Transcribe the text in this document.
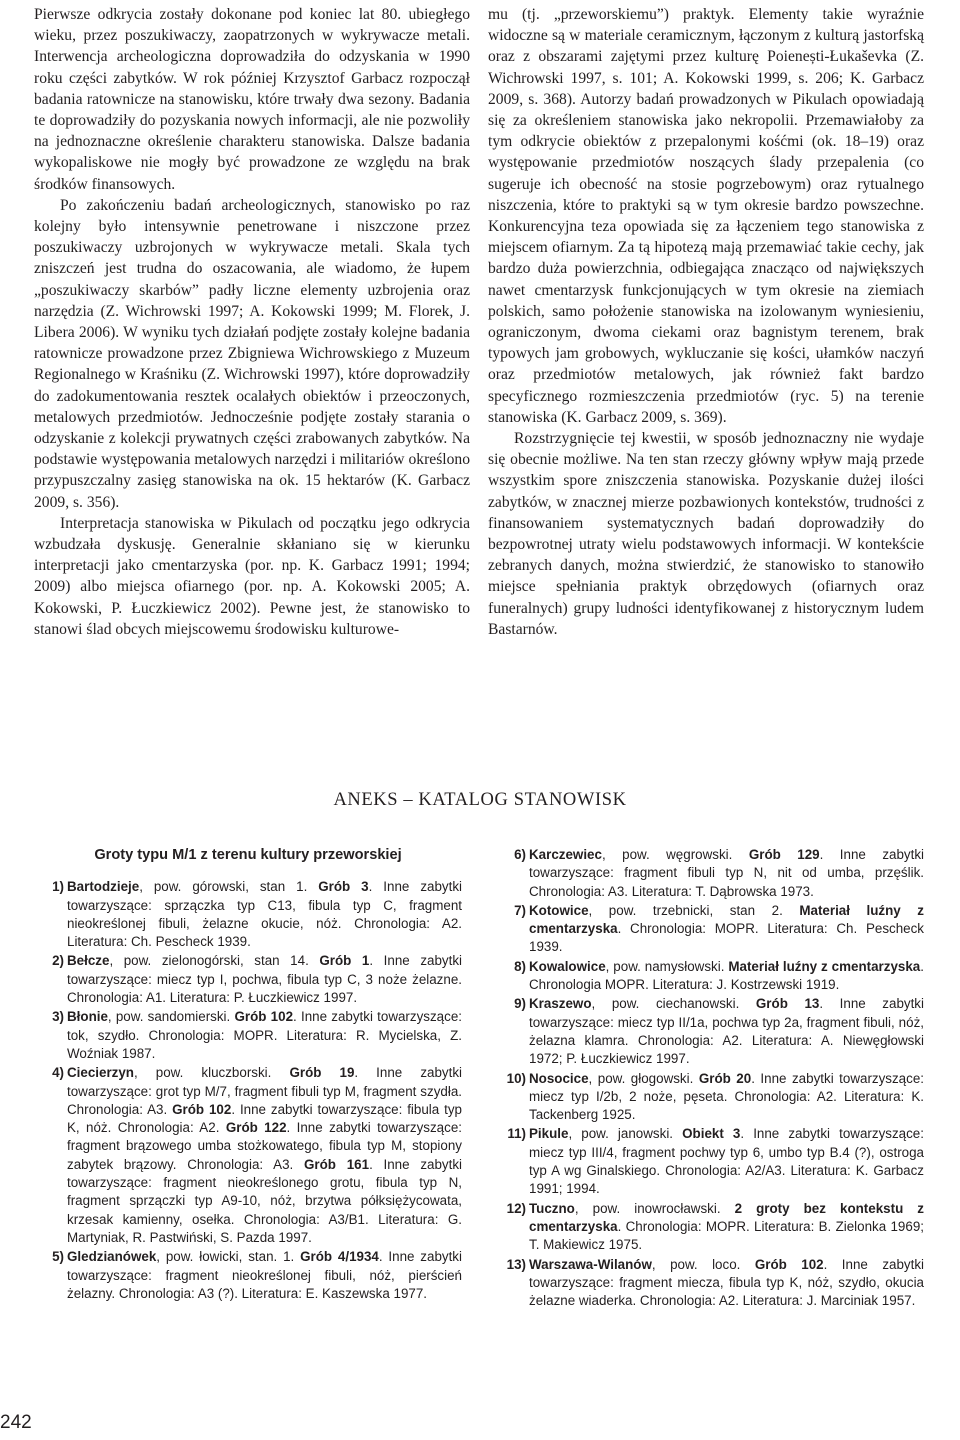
Pierwsze odkrycia zostały dokonane pod koniec lat 80. ubiegłego wieku, przez poszukiwaczy, zaopatrzonych w wykrywacze metali. Interwencja archeologiczna doprowadziła do odzyskania w 1990 roku części zabytków. W rok później Krzysztof Garbacz rozpoczął badania ratownicze na stanowisku, które trwały dwa sezony. Badania te doprowadziły do pozyskania nowych informacji, ale nie pozwoliły na jednoznaczne określenie charakteru stanowiska. Dalsze badania wykopaliskowe nie mogły być prowadzone ze względu na brak środków finansowych.

Po zakończeniu badań archeologicznych, stanowisko po raz kolejny było intensywnie penetrowane i niszczone przez poszukiwaczy uzbrojonych w wykrywacze metali. Skala tych zniszczeń jest trudna do oszacowania, ale wiadomo, że łupem „poszukiwaczy skarbów” padły liczne elementy uzbrojenia oraz narzędzia (Z. Wichrowski 1997; A. Kokowski 1999; M. Florek, J. Libera 2006). W wyniku tych działań podjęte zostały kolejne badania ratownicze prowadzone przez Zbigniewa Wichrowskiego z Muzeum Regionalnego w Kraśniku (Z. Wichrowski 1997), które doprowadziły do zadokumentowania resztek ocalałych obiektów i przeoczonych, metalowych przedmiotów. Jednocześnie podjęte zostały starania o odzyskanie z kolekcji prywatnych części zrabowanych zabytków. Na podstawie występowania metalowych narzędzi i militariów określono przypuszczalny zasięg stanowiska na ok. 15 hektarów (K. Garbacz 2009, s. 356).

Interpretacja stanowiska w Pikulach od początku jego odkrycia wzbudzała dyskusję. Generalnie skłaniano się w kierunku interpretacji jako cmentarzyska (por. np. K. Garbacz 1991; 1994; 2009) albo miejsca ofiarnego (por. np. A. Kokowski 2005; A. Kokowski, P. Łuczkiewicz 2002). Pewne jest, że stanowisko to stanowi ślad obcych miejscowemu środowisku kulturowe-

mu (tj. „przeworskiemu”) praktyk. Elementy takie wyraźnie widoczne są w materiale ceramicznym, łączonym z kulturą jastorfską oraz z obszarami zajętymi przez kulturę Poienești-Łukaševka (Z. Wichrowski 1997, s. 101; A. Kokowski 1999, s. 206; K. Garbacz 2009, s. 368). Autorzy badań prowadzonych w Pikulach opowiadają się za określeniem stanowiska jako nekropolii. Przemawiałoby za tym odkrycie obiektów z przepalonymi kośćmi (ok. 18–19) oraz występowanie przedmiotów noszących ślady przepalenia (co sugeruje ich obecność na stosie pogrzebowym) oraz rytualnego niszczenia, które to praktyki są w tym okresie bardzo powszechne. Konkurencyjna teza opowiada się za łączeniem tego stanowiska z miejscem ofiarnym. Za tą hipotezą mają przemawiać takie cechy, jak bardzo duża powierzchnia, odbiegająca znacząco od największych nawet cmentarzysk funkcjonujących w tym okresie na ziemiach polskich, samo położenie stanowiska na izolowanym wyniesieniu, ograniczonym, dwoma ciekami oraz bagnistym terenem, brak typowych jam grobowych, wykluczanie się kości, ułamków naczyń oraz przedmiotów metalowych, jak również fakt bardzo specyficznego rozmieszczenia przedmiotów (ryc. 5) na terenie stanowiska (K. Garbacz 2009, s. 369).

Rozstrzygnięcie tej kwestii, w sposób jednoznaczny nie wydaje się obecnie możliwe. Na ten stan rzeczy główny wpływ mają przede wszystkim spore zniszczenia stanowiska. Pozyskanie dużej ilości zabytków, w znacznej mierze pozbawionych kontekstów, trudności z finansowaniem systematycznych badań doprowadziły do bezpowrotnej utraty wielu podstawowych informacji. W kontekście zebranych danych, można stwierdzić, że stanowisko to stanowiło miejsce spełniania praktyk obrzędowych (ofiarnych oraz funeralnych) grupy ludności identyfikowanej z historycznym ludem Bastarnów.

ANEKS – KATALOG STANOWISK
Groty typu M/1 z terenu kultury przeworskiej
1) Bartodzieje, pow. górowski, stan 1. Grób 3. Inne zabytki towarzyszące: sprzączka typ C13, fibula typ C, fragment nieokreślonej fibuli, żelazne okucie, nóż. Chronologia: A2. Literatura: Ch. Pescheck 1939.
2) Bełcze, pow. zielonogórski, stan 14. Grób 1. Inne zabytki towarzyszące: miecz typ I, pochwa, fibula typ C, 3 noże żelazne. Chronologia: A1. Literatura: P. Łuczkiewicz 1997.
3) Błonie, pow. sandomierski. Grób 102. Inne zabytki towarzyszące: tok, szydło. Chronologia: MOPR. Literatura: R. Mycielska, Z. Woźniak 1987.
4) Ciecierzyn, pow. kluczborski. Grób 19. Inne zabytki towarzyszące: grot typ M/7, fragment fibuli typ M, fragment szydła. Chronologia: A3. Grób 102. Inne zabytki towarzyszące: fibula typ K, nóż. Chronologia: A2. Grób 122. Inne zabytki towarzyszące: fragment brązowego umba stożkowatego, fibula typ M, stopiony zabytek brązowy. Chronologia: A3. Grób 161. Inne zabytki towarzyszące: fragment nieokreślonego grotu, fibula typ N, fragment sprzączki typ A9-10, nóż, brzytwa półksiężycowata, krzesak kamienny, osełka. Chronologia: A3/B1. Literatura: G. Martyniak, R. Pastwiński, S. Pazda 1997.
5) Gledzianówek, pow. łowicki, stan. 1. Grób 4/1934. Inne zabytki towarzyszące: fragment nieokreślonej fibuli, nóż, pierścień żelazny. Chronologia: A3 (?). Literatura: E. Kaszewska 1977.
6) Karczewiec, pow. węgrowski. Grób 129. Inne zabytki towarzyszące: fragment fibuli typ N, nit od umba, przęślik. Chronologia: A3. Literatura: T. Dąbrowska 1973.
7) Kotowice, pow. trzebnicki, stan 2. Materiał luźny z cmentarzyska. Chronologia: MOPR. Literatura: Ch. Pescheck 1939.
8) Kowalowice, pow. namysłowski. Materiał luźny z cmentarzyska. Chronologia MOPR. Literatura: J. Kostrzewski 1919.
9) Kraszewo, pow. ciechanowski. Grób 13. Inne zabytki towarzyszące: miecz typ II/1a, pochwa typ 2a, fragment fibuli, nóż, żelazna klamra. Chronologia: A2. Literatura: A. Niewęgłowski 1972; P. Łuczkiewicz 1997.
10) Nosocice, pow. głogowski. Grób 20. Inne zabytki towarzyszące: miecz typ I/2b, 2 noże, pęseta. Chronologia: A2. Literatura: K. Tackenberg 1925.
11) Pikule, pow. janowski. Obiekt 3. Inne zabytki towarzyszące: miecz typ III/4, fragment pochwy typ 6, umbo typ B.4 (?), ostroga typ A wg Ginalskiego. Chronologia: A2/A3. Literatura: K. Garbacz 1991; 1994.
12) Tuczno, pow. inowrocławski. 2 groty bez kontekstu z cmentarzyska. Chronologia: MOPR. Literatura: B. Zielonka 1969; T. Makiewicz 1975.
13) Warszawa-Wilanów, pow. loco. Grób 102. Inne zabytki towarzyszące: fragment miecza, fibula typ K, nóż, szydło, okucia żelazne wiaderka. Chronologia: A2. Literatura: J. Marciniak 1957.
242
